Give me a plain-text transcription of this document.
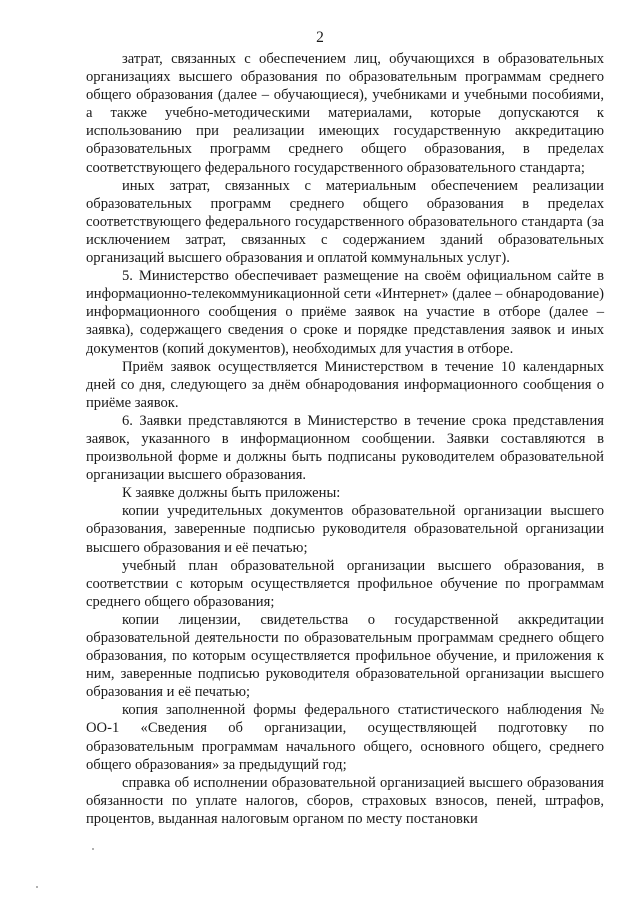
2

затрат, связанных с обеспечением лиц, обучающихся в образовательных организациях высшего образования по образовательным программам среднего общего образования (далее – обучающиеся), учебниками и учебными пособиями, а также учебно-методическими материалами, которые допускаются к использованию при реализации имеющих государственную аккредитацию образовательных программ среднего общего образования, в пределах соответствующего федерального государственного образовательного стандарта;

иных затрат, связанных с материальным обеспечением реализации образовательных программ среднего общего образования в пределах соответствующего федерального государственного образовательного стандарта (за исключением затрат, связанных с содержанием зданий образовательных организаций высшего образования и оплатой коммунальных услуг).

5. Министерство обеспечивает размещение на своём официальном сайте в информационно-телекоммуникационной сети «Интернет» (далее – обнародование) информационного сообщения о приёме заявок на участие в отборе (далее – заявка), содержащего сведения о сроке и порядке представления заявок и иных документов (копий документов), необходимых для участия в отборе.

Приём заявок осуществляется Министерством в течение 10 календарных дней со дня, следующего за днём обнародования информационного сообщения о приёме заявок.

6. Заявки представляются в Министерство в течение срока представления заявок, указанного в информационном сообщении. Заявки составляются в произвольной форме и должны быть подписаны руководителем образовательной организации высшего образования.

К заявке должны быть приложены:

копии учредительных документов образовательной организации высшего образования, заверенные подписью руководителя образовательной организации высшего образования и её печатью;

учебный план образовательной организации высшего образования, в соответствии с которым осуществляется профильное обучение по программам среднего общего образования;

копии лицензии, свидетельства о государственной аккредитации образовательной деятельности по образовательным программам среднего общего образования, по которым осуществляется профильное обучение, и приложения к ним, заверенные подписью руководителя образовательной организации высшего образования и её печатью;

копия заполненной формы федерального статистического наблюдения № ОО-1 «Сведения об организации, осуществляющей подготовку по образовательным программам начального общего, основного общего, среднего общего образования» за предыдущий год;

справка об исполнении образовательной организацией высшего образования обязанности по уплате налогов, сборов, страховых взносов, пеней, штрафов, процентов, выданная налоговым органом по месту постановки
